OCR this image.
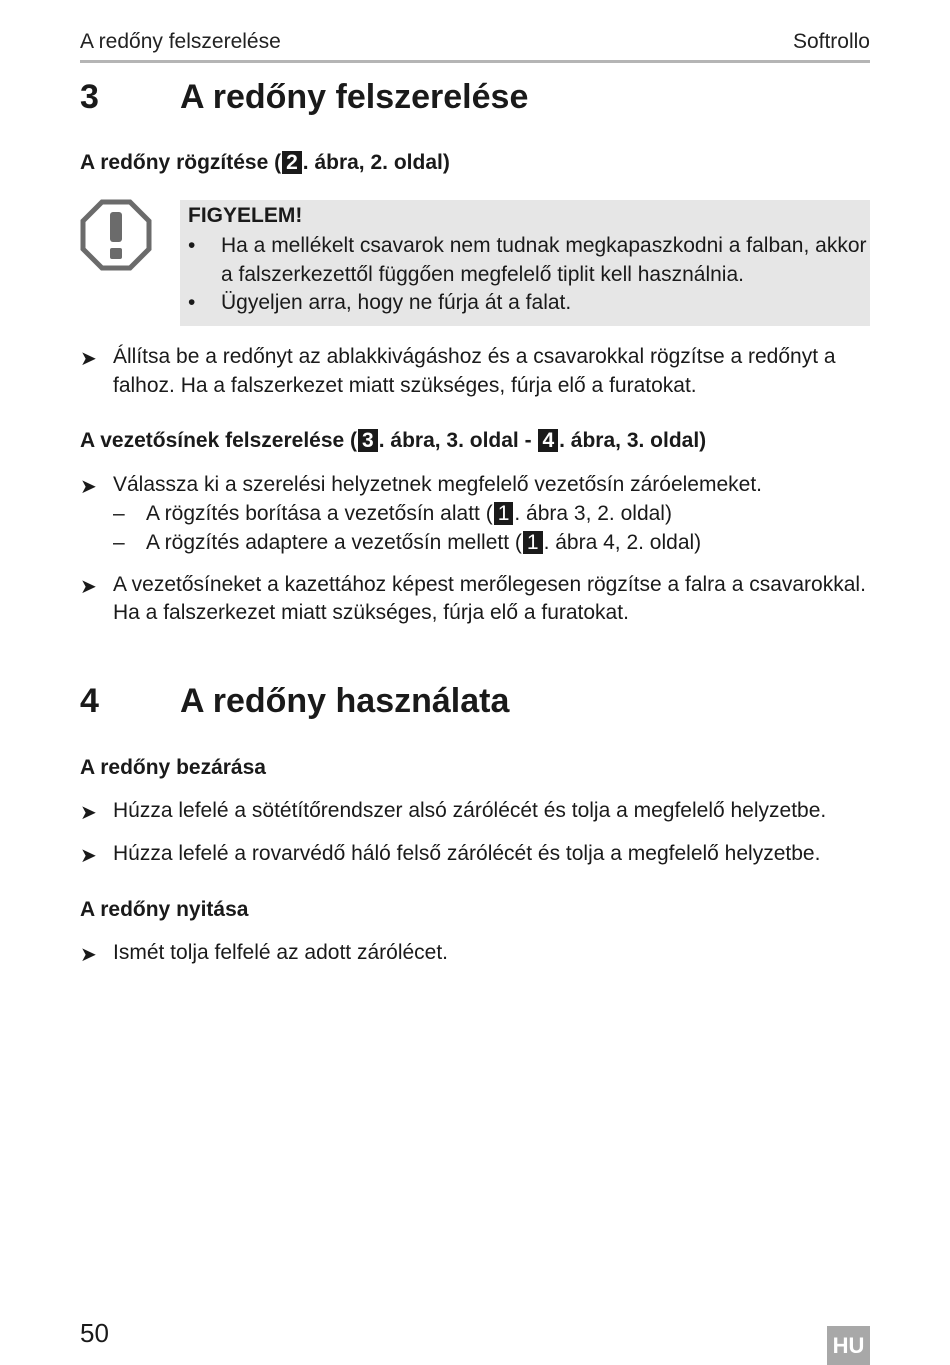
A redőny felszerelése	Softrollo
3 A redőny felszerelése
A redőny rögzítése ( 2 . ábra, 2. oldal)
FIGYELEM!
• Ha a mellékelt csavarok nem tudnak megkapaszkodni a falban, akkor
a falszerkezettől függően megfelelő tiplit kell használnia.
• Ügyeljen arra, hogy ne fúrja át a falat.
➤ Állítsa be a redőnyt az ablakkivágáshoz és a csavarokkal rögzítse a redőnyt a
falhoz. Ha a falszerkezet miatt szükséges, fúrja elő a furatokat.
A vezetősínek felszerelése ( 3 . ábra, 3. oldal - 4 . ábra, 3. oldal)
➤ Válassza ki a szerelési helyzetnek megfelelő vezetősín záróelemeket.
– A rögzítés borítása a vezetősín alatt ( 1 . ábra 3, 2. oldal)
– A rögzítés adaptere a vezetősín mellett ( 1 . ábra 4, 2. oldal)
➤ A vezetősíneket a kazettához képest merőlegesen rögzítse a falra a csavarokkal.
Ha a falszerkezet miatt szükséges, fúrja elő a furatokat.
4 A redőny használata
A redőny bezárása
➤ Húzza lefelé a sötétítőrendszer alsó zárólécét és tolja a megfelelő helyzetbe.
➤ Húzza lefelé a rovarvédő háló felső zárólécét és tolja a megfelelő helyzetbe.
A redőny nyitása
➤ Ismét tolja felfelé az adott zárólécet.
50	HU
